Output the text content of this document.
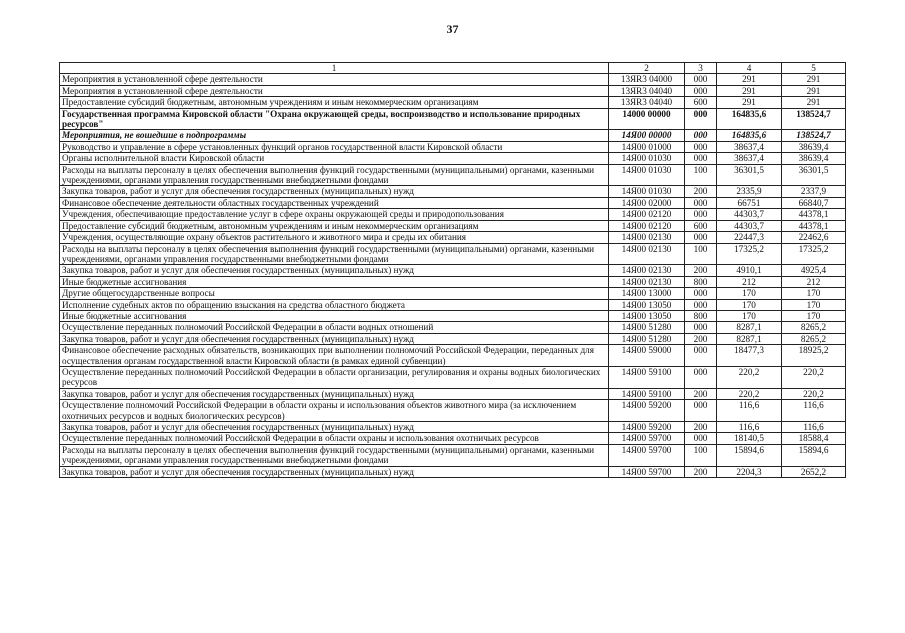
37
1	2	3	4	5
Мероприятия в установленной сфере деятельности	13ЯR3 04000	000	291	291
Мероприятия в установленной сфере деятельности	13ЯR3 04040	000	291	291
Предоставление субсидий бюджетным, автономным учреждениям и иным некоммерческим организациям	13ЯR3 04040	600	291	291
Государственная программа Кировской области "Охрана окружающей среды, воспроизводство и использование природных ресурсов"	14000 00000	000	164835,6	138524,7
Мероприятия, не вошедшие в подпрограммы	14Я00 00000	000	164835,6	138524,7
Руководство и управление в сфере установленных функций органов государственной власти Кировской области	14Я00 01000	000	38637,4	38639,4
Органы исполнительной власти Кировской области	14Я00 01030	000	38637,4	38639,4
Расходы на выплаты персоналу в целях обеспечения выполнения функций государственными (муниципальными) органами, казенными учреждениями, органами управления государственными внебюджетными фондами	14Я00 01030	100	36301,5	36301,5
Закупка товаров, работ и услуг для обеспечения государственных (муниципальных) нужд	14Я00 01030	200	2335,9	2337,9
Финансовое обеспечение деятельности областных государственных учреждений	14Я00 02000	000	66751	66840,7
Учреждения, обеспечивающие предоставление услуг в сфере охраны окружающей среды и природопользования	14Я00 02120	000	44303,7	44378,1
Предоставление субсидий бюджетным, автономным учреждениям и иным некоммерческим организациям	14Я00 02120	600	44303,7	44378,1
Учреждения, осуществляющие охрану объектов растительного и животного мира и среды их обитания	14Я00 02130	000	22447,3	22462,6
Расходы на выплаты персоналу в целях обеспечения выполнения функций государственными (муниципальными) органами, казенными учреждениями, органами управления государственными внебюджетными фондами	14Я00 02130	100	17325,2	17325,2
Закупка товаров, работ и услуг для обеспечения государственных (муниципальных) нужд	14Я00 02130	200	4910,1	4925,4
Иные бюджетные ассигнования	14Я00 02130	800	212	212
Другие общегосударственные вопросы	14Я00 13000	000	170	170
Исполнение судебных актов по обращению взыскания на средства областного бюджета	14Я00 13050	000	170	170
Иные бюджетные ассигнования	14Я00 13050	800	170	170
Осуществление переданных полномочий Российской Федерации в области водных отношений	14Я00 51280	000	8287,1	8265,2
Закупка товаров, работ и услуг для обеспечения государственных (муниципальных) нужд	14Я00 51280	200	8287,1	8265,2
Финансовое обеспечение расходных обязательств, возникающих при выполнении полномочий Российской Федерации, переданных для осуществления органам государственной власти Кировской области (в рамках единой субвенции)	14Я00 59000	000	18477,3	18925,2
Осуществление переданных полномочий Российской Федерации в области организации, регулирования и охраны водных биологических ресурсов	14Я00 59100	000	220,2	220,2
Закупка товаров, работ и услуг для обеспечения государственных (муниципальных) нужд	14Я00 59100	200	220,2	220,2
Осуществление полномочий Российской Федерации в области охраны и использования объектов животного мира (за исключением охотничьих ресурсов и водных биологических ресурсов)	14Я00 59200	000	116,6	116,6
Закупка товаров, работ и услуг для обеспечения государственных (муниципальных) нужд	14Я00 59200	200	116,6	116,6
Осуществление переданных полномочий Российской Федерации в области охраны и использования охотничьих ресурсов	14Я00 59700	000	18140,5	18588,4
Расходы на выплаты персоналу в целях обеспечения выполнения функций государственными (муниципальными) органами, казенными учреждениями, органами управления государственными внебюджетными фондами	14Я00 59700	100	15894,6	15894,6
Закупка товаров, работ и услуг для обеспечения государственных (муниципальных) нужд	14Я00 59700	200	2204,3	2652,2
